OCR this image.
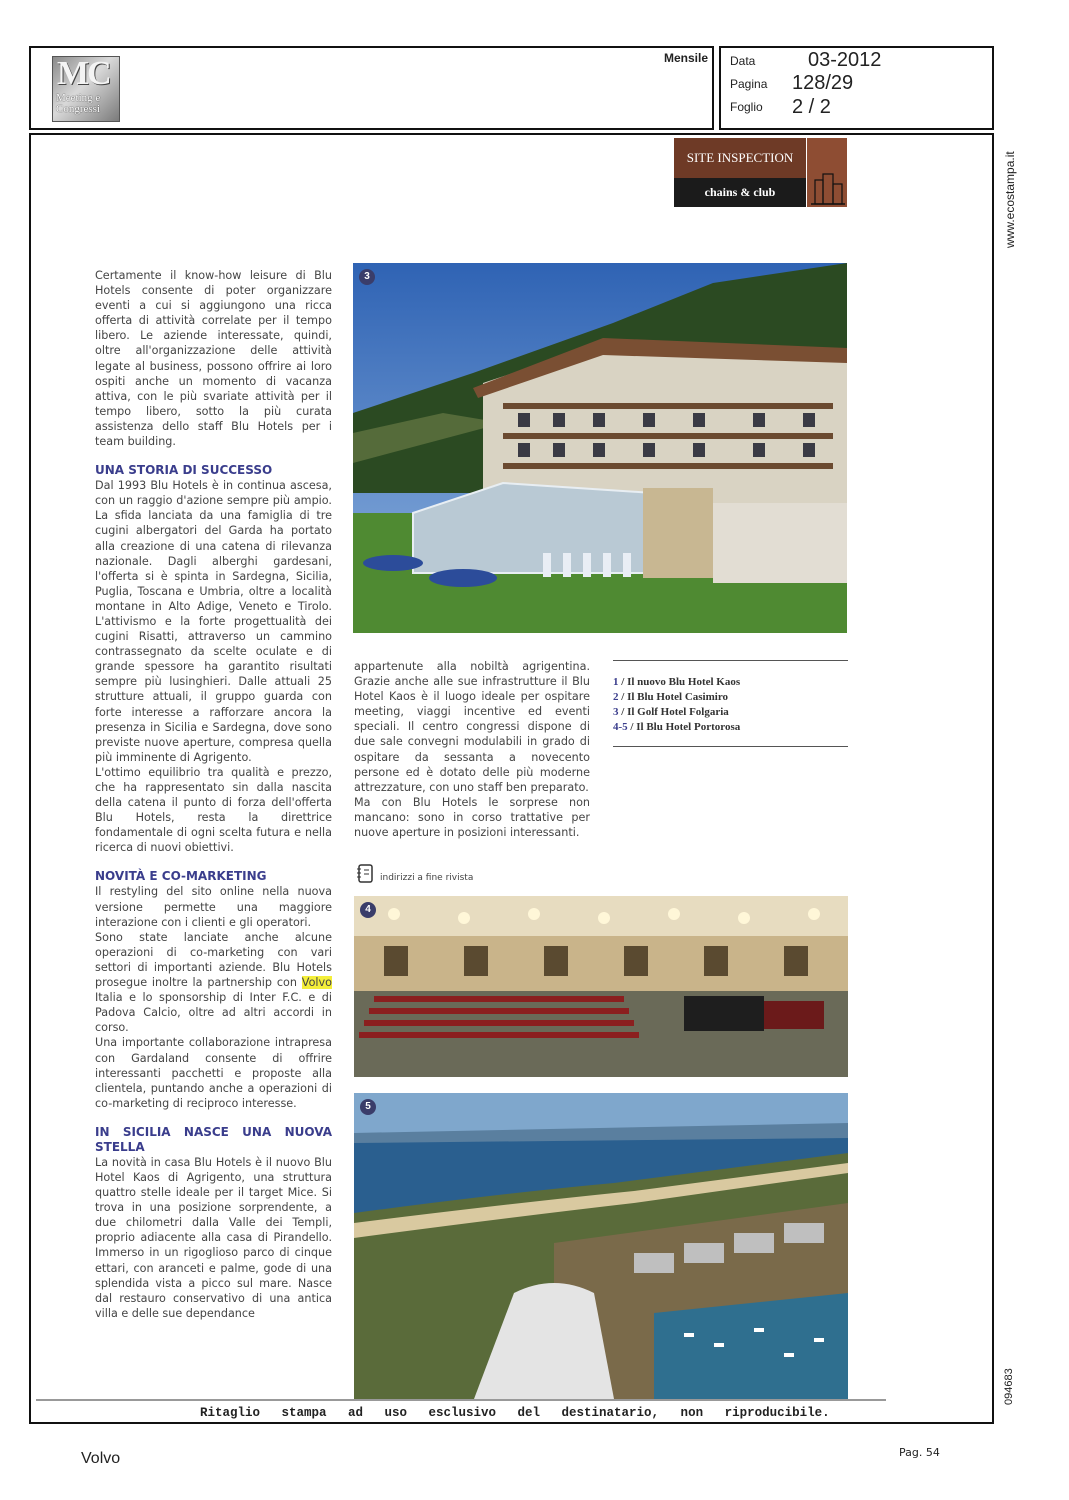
MC
Meeting e
Congressi
Mensile Data	03-2012
Pagina 128/29
Foglio 2 / 2
www.ecostampa.it
094683
SITE INSPECTION
chains & club

Certamente il know-how leisure di Blu Hotels consente di poter organizzare eventi a cui si aggiungono una ricca offerta di attività correlate per il tempo libero. Le aziende interessate, quindi, oltre all'organizzazione delle attività legate al business, possono offrire ai loro ospiti anche un momento di vacanza attiva, con le più svariate attività per il tempo libero, sotto la più curata assistenza dello staff Blu Hotels per i team building.

UNA STORIA DI SUCCESSO

Dal 1993 Blu Hotels è in continua ascesa, con un raggio d'azione sempre più ampio. La sfida lanciata da una famiglia di tre cugini albergatori del Garda ha portato alla creazione di una catena di rilevanza nazionale. Dagli alberghi gardesani, l'offerta si è spinta in Sardegna, Sicilia, Puglia, Toscana e Umbria, oltre a località montane in Alto Adige, Veneto e Tirolo. L'attivismo e la forte progettualità dei cugini Risatti, attraverso un cammino contrassegnato da scelte oculate e di grande spessore ha garantito risultati sempre più lusinghieri. Dalle attuali 25 strutture attuali, il gruppo guarda con forte interesse a rafforzare ancora la presenza in Sicilia e Sardegna, dove sono previste nuove aperture, compresa quella più imminente di Agrigento.

L'ottimo equilibrio tra qualità e prezzo, che ha rappresentato sin dalla nascita della catena il punto di forza dell'offerta Blu Hotels, resta la direttrice fondamentale di ogni scelta futura e nella ricerca di nuovi obiettivi.

NOVITÀ E CO-MARKETING

Il restyling del sito online nella nuova versione permette una maggiore interazione con i clienti e gli operatori.

Sono state lanciate anche alcune operazioni di co-marketing con vari settori di importanti aziende. Blu Hotels prosegue inoltre la partnership con Volvo Italia e lo sponsorship di Inter F.C. e di Padova Calcio, oltre ad altri accordi in corso.

Una importante collaborazione intrapresa con Gardaland consente di offrire interessanti pacchetti e proposte alla clientela, puntando anche a operazioni di co-marketing di reciproco interesse.

IN SICILIA NASCE UNA NUOVA STELLA

La novità in casa Blu Hotels è il nuovo Blu Hotel Kaos di Agrigento, una struttura quattro stelle ideale per il target Mice. Si trova in una posizione sorprendente, a due chilometri dalla Valle dei Templi, proprio adiacente alla casa di Pirandello. Immerso in un rigoglioso parco di cinque ettari, con aranceti e palme, gode di una splendida vista a picco sul mare. Nasce dal restauro conservativo di una antica villa e delle sue dependance

3

appartenute alla nobiltà agrigentina. Grazie anche alle sue infrastrutture il Blu Hotel Kaos è il luogo ideale per ospitare meeting, viaggi incentive ed eventi speciali. Il centro congressi dispone di due sale convegni modulabili in grado di ospitare da sessanta a novecento persone ed è dotato delle più moderne attrezzature, con uno staff ben preparato.

Ma con Blu Hotels le sorprese non mancano: sono in corso trattative per nuove aperture in posizioni interessanti.

indirizzi a fine rivista
1 / Il nuovo Blu Hotel Kaos
2 / Il Blu Hotel Casimiro
3 / Il Golf Hotel Folgaria
4-5 / Il Blu Hotel Portorosa
4
5
Ritaglio stampa ad uso esclusivo del destinatario, non riproducibile.
Volvo	Pag. 54
